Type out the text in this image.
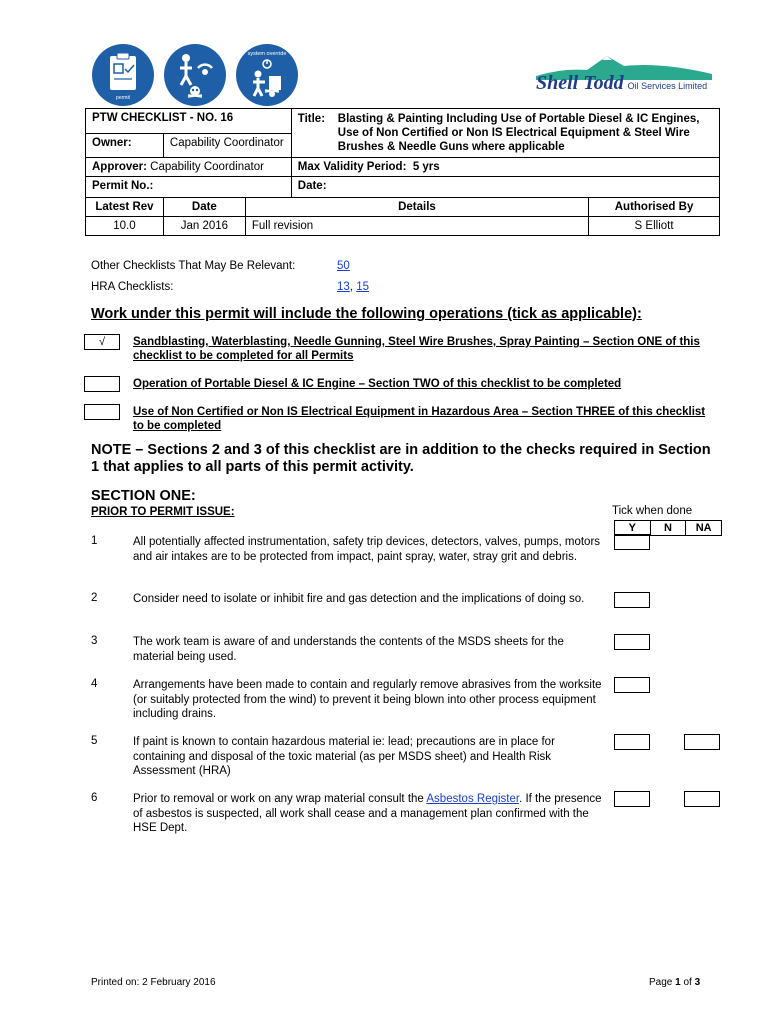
permit
system override
Shell Todd Oil Services Limited
PTW CHECKLIST - NO. 16			Title: Blasting & Painting Including Use of Portable Diesel & IC Engines, Use of Non Certified or Non IS Electrical Equipment & Steel Wire Brushes & Needle Guns where applicable	

Owner:	Capability Coordinator			
Approver: Capability Coordinator			Max Validity Period: 5 yrs	
Permit No.:			Date:	
Latest Rev	Date	Details		Authorised By
10.0	Jan 2016	Full revision		S Elliott
Other Checklists That May Be Relevant:	50
HRA Checklists:	13, 15
Work under this permit will include the following operations (tick as applicable):
√	Sandblasting, Waterblasting, Needle Gunning, Steel Wire Brushes, Spray Painting – Section ONE of this checklist to be completed for all Permits
Operation of Portable Diesel & IC Engine – Section TWO of this checklist to be completed
Use of Non Certified or Non IS Electrical Equipment in Hazardous Area – Section THREE of this checklist to be completed
NOTE – Sections 2 and 3 of this checklist are in addition to the checks required in Section 1 that applies to all parts of this permit activity.
SECTION ONE:
PRIOR TO PERMIT ISSUE:	Tick when done
Y	N	NA
1	All potentially affected instrumentation, safety trip devices, detectors, valves, pumps, motors and air intakes are to be protected from impact, paint spray, water, stray grit and debris.
2	Consider need to isolate or inhibit fire and gas detection and the implications of doing so.
3	The work team is aware of and understands the contents of the MSDS sheets for the material being used.
4	Arrangements have been made to contain and regularly remove abrasives from the worksite (or suitably protected from the wind) to prevent it being blown into other process equipment including drains.
5	If paint is known to contain hazardous material ie: lead; precautions are in place for containing and disposal of the toxic material (as per MSDS sheet) and Health Risk Assessment (HRA)
6	Prior to removal or work on any wrap material consult the Asbestos Register. If the presence of asbestos is suspected, all work shall cease and a management plan confirmed with the HSE Dept.
Printed on: 2 February 2016	Page 1 of 3
